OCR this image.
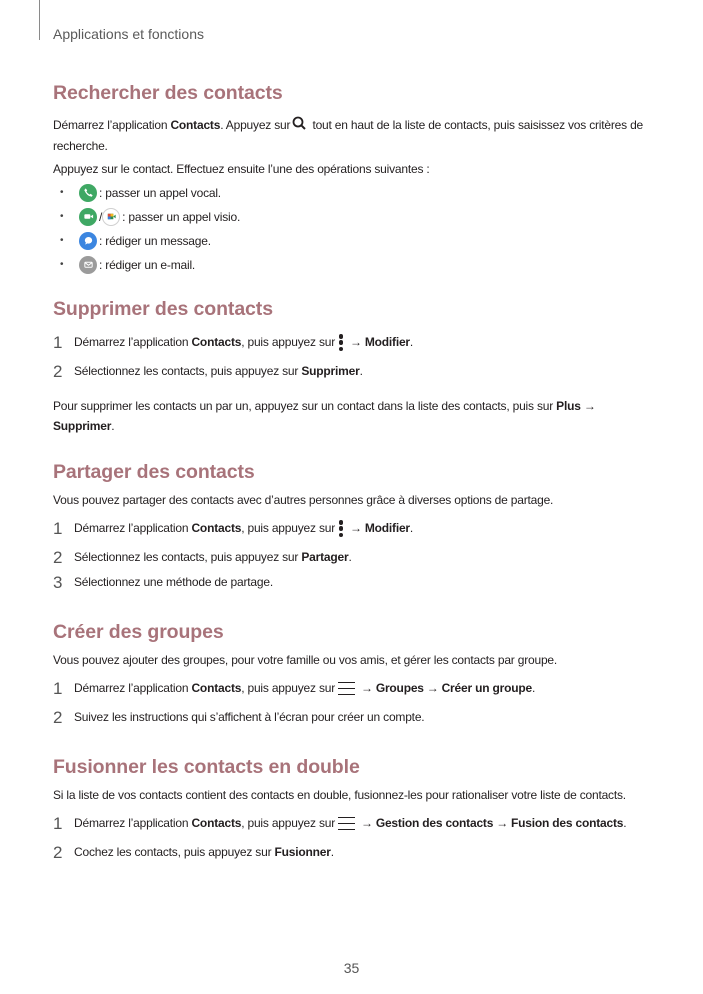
Applications et fonctions
Rechercher des contacts

Démarrez l’application Contacts. Appuyez sur tout en haut de la liste de contacts, puis saisissez vos critères de recherche.

Appuyez sur le contact. Effectuez ensuite l’une des opérations suivantes :

• : passer un appel vocal.
• / : passer un appel visio.
• : rédiger un message.
• : rédiger un e-mail.
Supprimer des contacts
1 Démarrez l’application
Contacts , puis appuyez sur → Modifier .
2 Sélectionnez les contacts, puis appuyez sur
Supprimer .

Pour supprimer les contacts un par un, appuyez sur un contact dans la liste des contacts, puis sur Plus → Supprimer.

Partager des contacts

Vous pouvez partager des contacts avec d’autres personnes grâce à diverses options de partage.

1 Démarrez l’application
Contacts , puis appuyez sur → Modifier .
2 Sélectionnez les contacts, puis appuyez sur
Partager .
3 Sélectionnez une méthode de partage.
Créer des groupes

Vous pouvez ajouter des groupes, pour votre famille ou vos amis, et gérer les contacts par groupe.

1 Démarrez l’application
Contacts , puis appuyez sur → Groupes → Créer un groupe .
2 Suivez les instructions qui s’affichent à l’écran pour créer un compte.
Fusionner les contacts en double

Si la liste de vos contacts contient des contacts en double, fusionnez-les pour rationaliser votre liste de contacts.

1 Démarrez l’application
Contacts , puis appuyez sur → Gestion des contacts → Fusion des contacts .
2 Cochez les contacts, puis appuyez sur
Fusionner .
35
